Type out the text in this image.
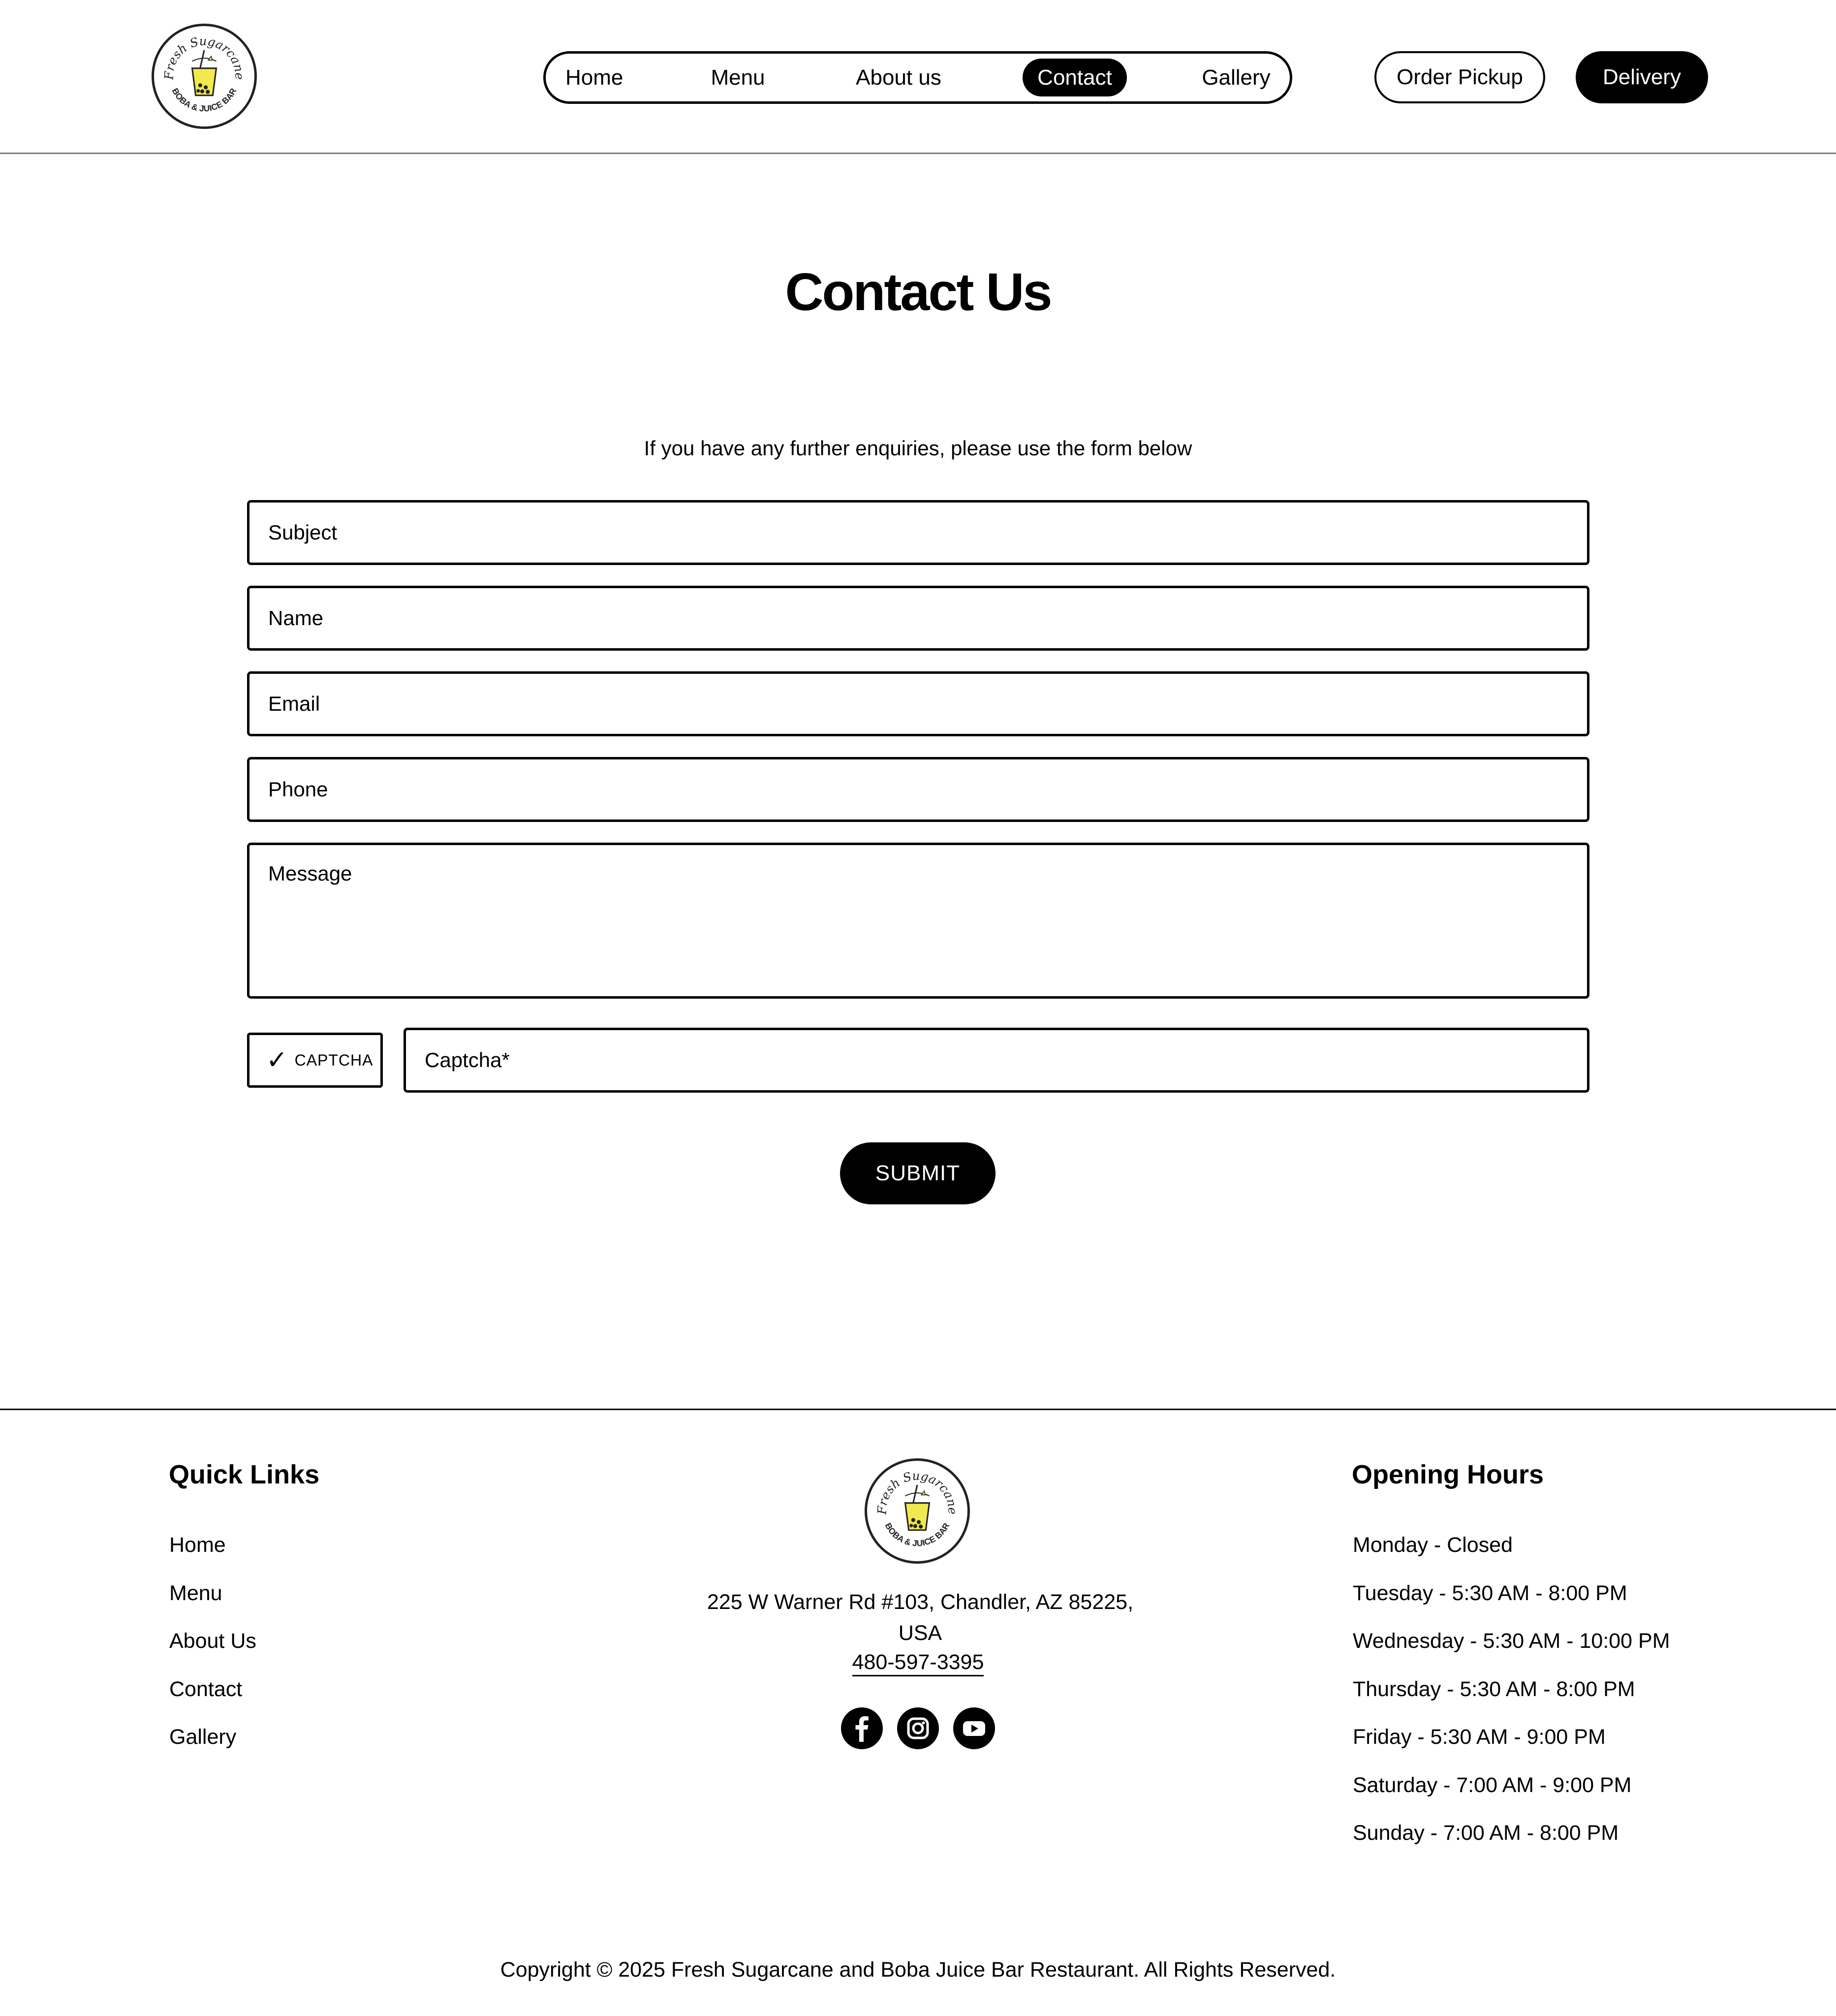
Fresh Sugarcane
BOBA & JUICE BAR
Home	Menu	About us	Contact	Gallery	Order Pickup	Delivery
Contact Us

If you have any further enquiries, please use the form below

Subject
Name
Email
Phone
Message
✓ CAPTCHA
Captcha*
SUBMIT
Quick Links
Home
Menu
About Us
Contact
Gallery
Fresh Sugarcane
BOBA & JUICE BAR
225 W Warner Rd #103, Chandler, AZ 85225,
USA
480-597-3395
Opening Hours
Monday - Closed
Tuesday - 5:30 AM - 8:00 PM
Wednesday - 5:30 AM - 10:00 PM
Thursday - 5:30 AM - 8:00 PM
Friday - 5:30 AM - 9:00 PM
Saturday - 7:00 AM - 9:00 PM
Sunday - 7:00 AM - 8:00 PM

Copyright © 2025 Fresh Sugarcane and Boba Juice Bar Restaurant. All Rights Reserved.
